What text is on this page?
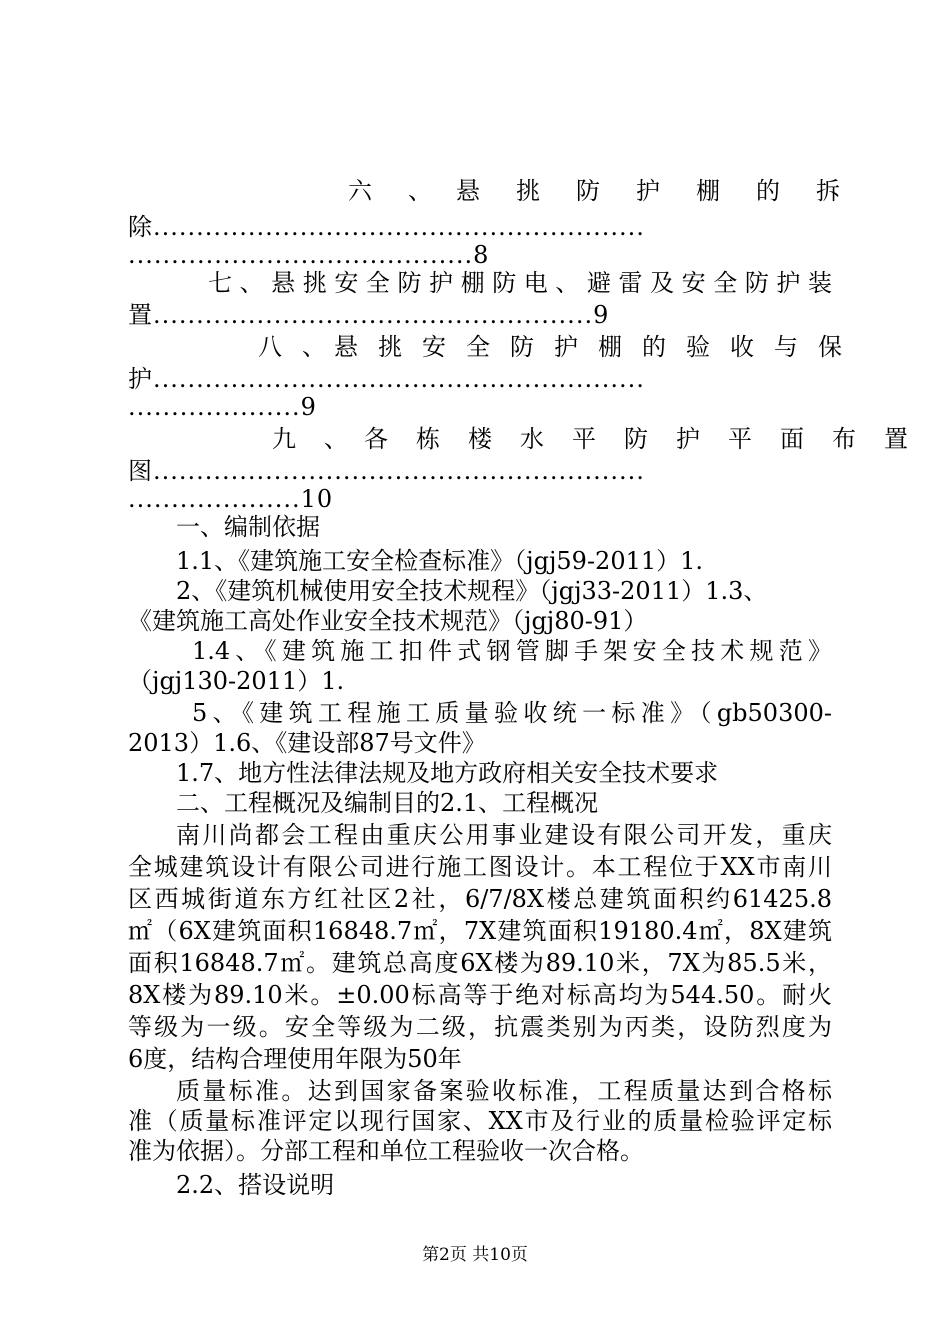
六　、　悬　挑　防　护　棚　的　拆
除.........................................................
........................................8
七、悬挑安全防护棚防电、避雷及安全防护装
置...................................................9
八　、　悬　挑　安　全　防　护　棚　的　验　收　与　保
护.........................................................
....................9
九　、　各　栋　楼　水　平　防　护　平　面　布　置
图.........................................................
....................10
一、编制依据
1.1、《建筑施工安全检查标准》（jgj59-2011）1.
2、《建筑机械使用安全技术规程》（jgj33-2011）1.3、
《建筑施工高处作业安全技术规范》（jgj80-91）
1.4、《建筑施工扣件式钢管脚手架安全技术规范》
（jgj130-2011）1.
5、《建筑工程施工质量验收统一标准》（gb50300-
2013）1.6、《建设部87号文件》
1.7、地方性法律法规及地方政府相关安全技术要求
二、工程概况及编制目的2.1、工程概况
南川尚都会工程由重庆公用事业建设有限公司开发，重庆
全城建筑设计有限公司进行施工图设计。本工程位于XX市南川
区西城街道东方红社区2社，6/7/8X楼总建筑面积约61425.8
㎡（6X建筑面积16848.7㎡，7X建筑面积19180.4㎡，8X建筑
面积16848.7㎡。建筑总高度6X楼为89.10米，7X为85.5米，
8X楼为89.10米。±0.00标高等于绝对标高均为544.50。耐火
等级为一级。安全等级为二级，抗震类别为丙类，设防烈度为
6度，结构合理使用年限为50年
质量标准。达到国家备案验收标准，工程质量达到合格标
准（质量标准评定以现行国家、XX市及行业的质量检验评定标
准为依据）。分部工程和单位工程验收一次合格。
2.2、搭设说明
第2页 共10页
